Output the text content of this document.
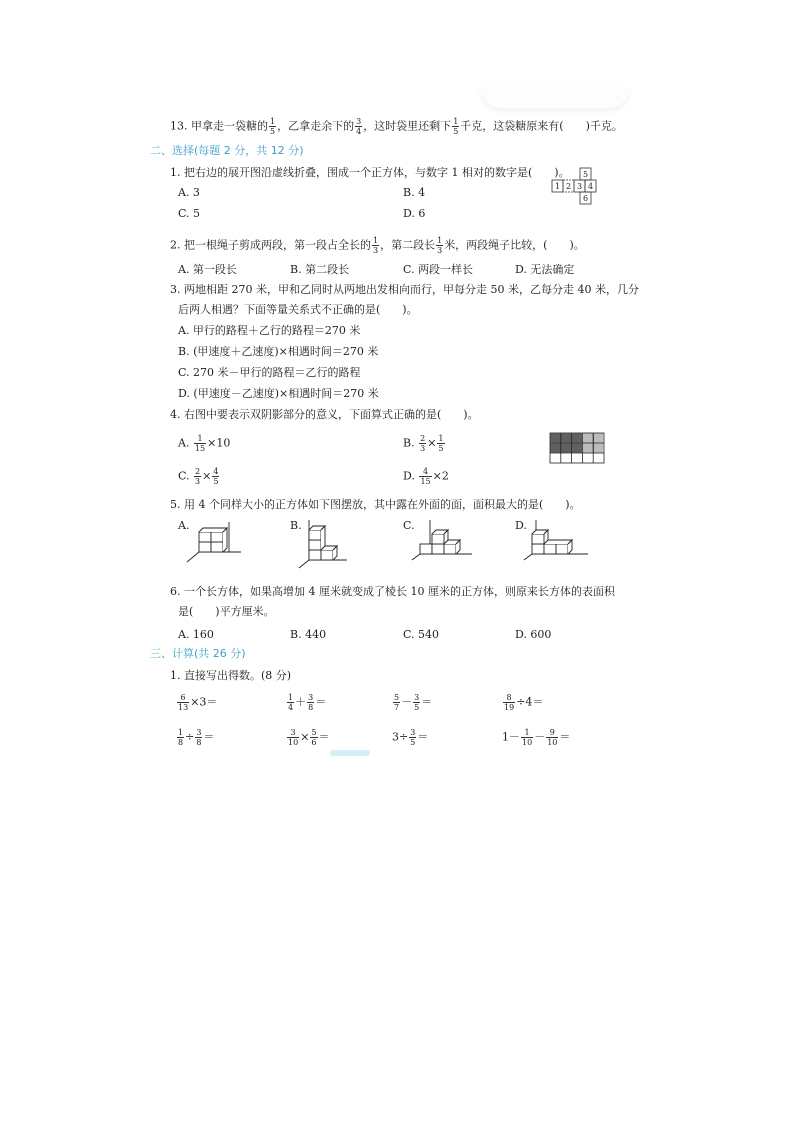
13. 甲拿走一袋糖的 $\frac{1}{5}$ ，乙拿走余下的 $\frac{3}{4}$ ，这时袋里还剩下 $\frac{1}{5}$ 千克，这袋糖原来有( )千克。
二、选择(每题 2 分，共 12 分)
1. 把右边的展开图沿虚线折叠，围成一个正方体，与数字 1 相对的数字是( )。
A. 3	B. 4
C. 5	D. 6
5
1 2 3 4
6
2. 把一根绳子剪成两段，第一段占全长的 $\frac{1}{3}$ ，第二段长 $\frac{1}{3}$ 米，两段绳子比较，( )。
A. 第一段长	B. 第二段长	C. 两段一样长	D. 无法确定
3. 两地相距 270 米，甲和乙同时从两地出发相向而行，甲每分走 50 米，乙每分走 40 米，几分
后两人相遇？下面等量关系式不正确的是(　　)。
A. 甲行的路程＋乙行的路程＝270 米
B. (甲速度＋乙速度)×相遇时间＝270 米
C. 270 米－甲行的路程＝乙行的路程
D. (甲速度－乙速度)×相遇时间＝270 米
4. 右图中要表示双阴影部分的意义，下面算式正确的是(　　)。
A. $\frac{1}{15} \times 10$	B. $\frac{2}{3} \times \frac{1}{5}$
C. $\frac{2}{3} \times \frac{4}{5}$	D. $\frac{4}{15} \times 2$
5. 用 4 个同样大小的正方体如下图摆放，其中露在外面的面，面积最大的是(　　)。
A.	B.	C.	D.
6. 一个长方体，如果高增加 4 厘米就变成了棱长 10 厘米的正方体，则原来长方体的表面积
是(　　)平方厘米。
A. 160	B. 440	C. 540	D. 600
三、计算(共 26 分)
1. 直接写出得数。(8 分)
$\frac{6}{13} \times 3=$	$\frac{1}{4} + \frac{3}{8}$ ＝	$\frac{5}{7} - \frac{3}{5}$ ＝	$\frac{8}{19} \div 4=$
$\frac{1}{8} \div \frac{3}{8}$ ＝	$\frac{3}{10} \times \frac{5}{6}$ ＝	$3\div \frac{3}{5}$ ＝	$1- \frac{1}{10} - \frac{9}{10}$ ＝
